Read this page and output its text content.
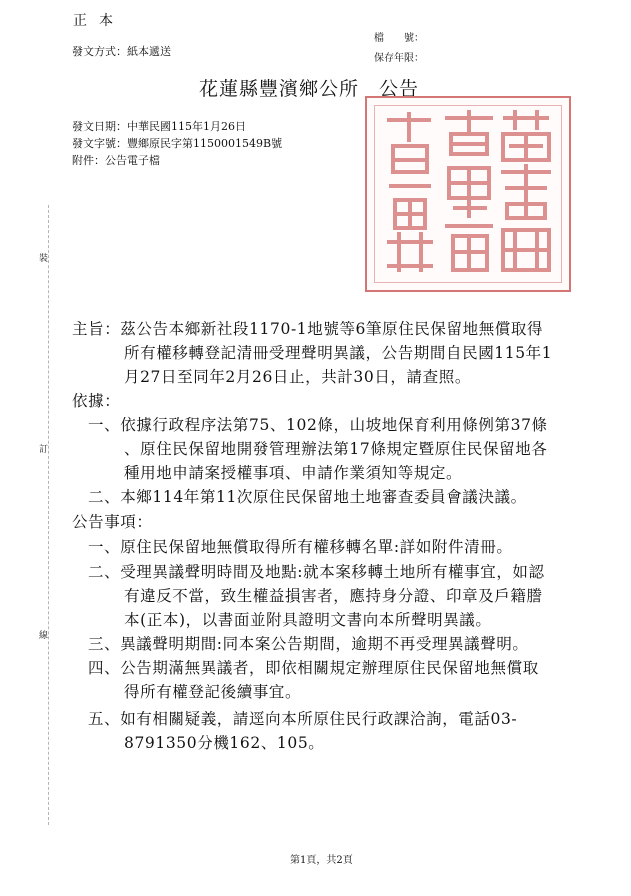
正本
發文方式：紙本遞送
檔　　號：
保存年限：
花蓮縣豐濱鄉公所　公告
發文日期：中華民國115年1月26日
發文字號：豐鄉原民字第1150001549B號
附件：公告電子檔
裝
訂
線
主旨：茲公告本鄉新社段1170-1地號等6筆原住民保留地無償取得
所有權移轉登記清冊受理聲明異議，公告期間自民國115年1
月27日至同年2月26日止，共計30日，請查照。
依據：
一、依據行政程序法第75、102條，山坡地保育利用條例第37條
、原住民保留地開發管理辦法第17條規定暨原住民保留地各
種用地申請案授權事項、申請作業須知等規定。
二、本鄉114年第11次原住民保留地土地審查委員會議決議。
公告事項：
一、原住民保留地無償取得所有權移轉名單:詳如附件清冊。
二、受理異議聲明時間及地點:就本案移轉土地所有權事宜，如認
有違反不當，致生權益損害者，應持身分證、印章及戶籍謄
本(正本)，以書面並附具證明文書向本所聲明異議。
三、異議聲明期間:同本案公告期間，逾期不再受理異議聲明。
四、公告期滿無異議者，即依相關規定辦理原住民保留地無償取
得所有權登記後續事宜。
五、如有相關疑義，請逕向本所原住民行政課洽詢，電話03-
8791350分機162、105。
第1頁，共2頁
